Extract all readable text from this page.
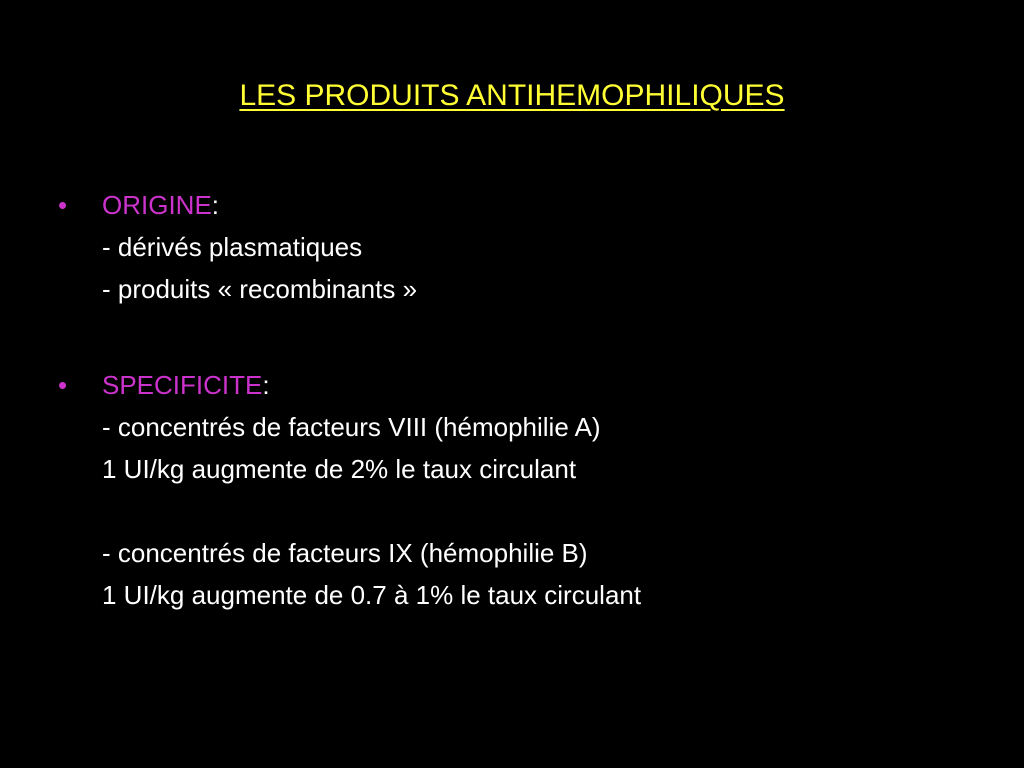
LES PRODUITS ANTIHEMOPHILIQUES
•	ORIGINE:
- dérivés plasmatiques
- produits « recombinants »
•	SPECIFICITE:
- concentrés de facteurs VIII (hémophilie A)
1 UI/kg augmente de 2% le taux circulant
- concentrés de facteurs IX (hémophilie B)
1 UI/kg augmente de 0.7 à 1% le taux circulant
